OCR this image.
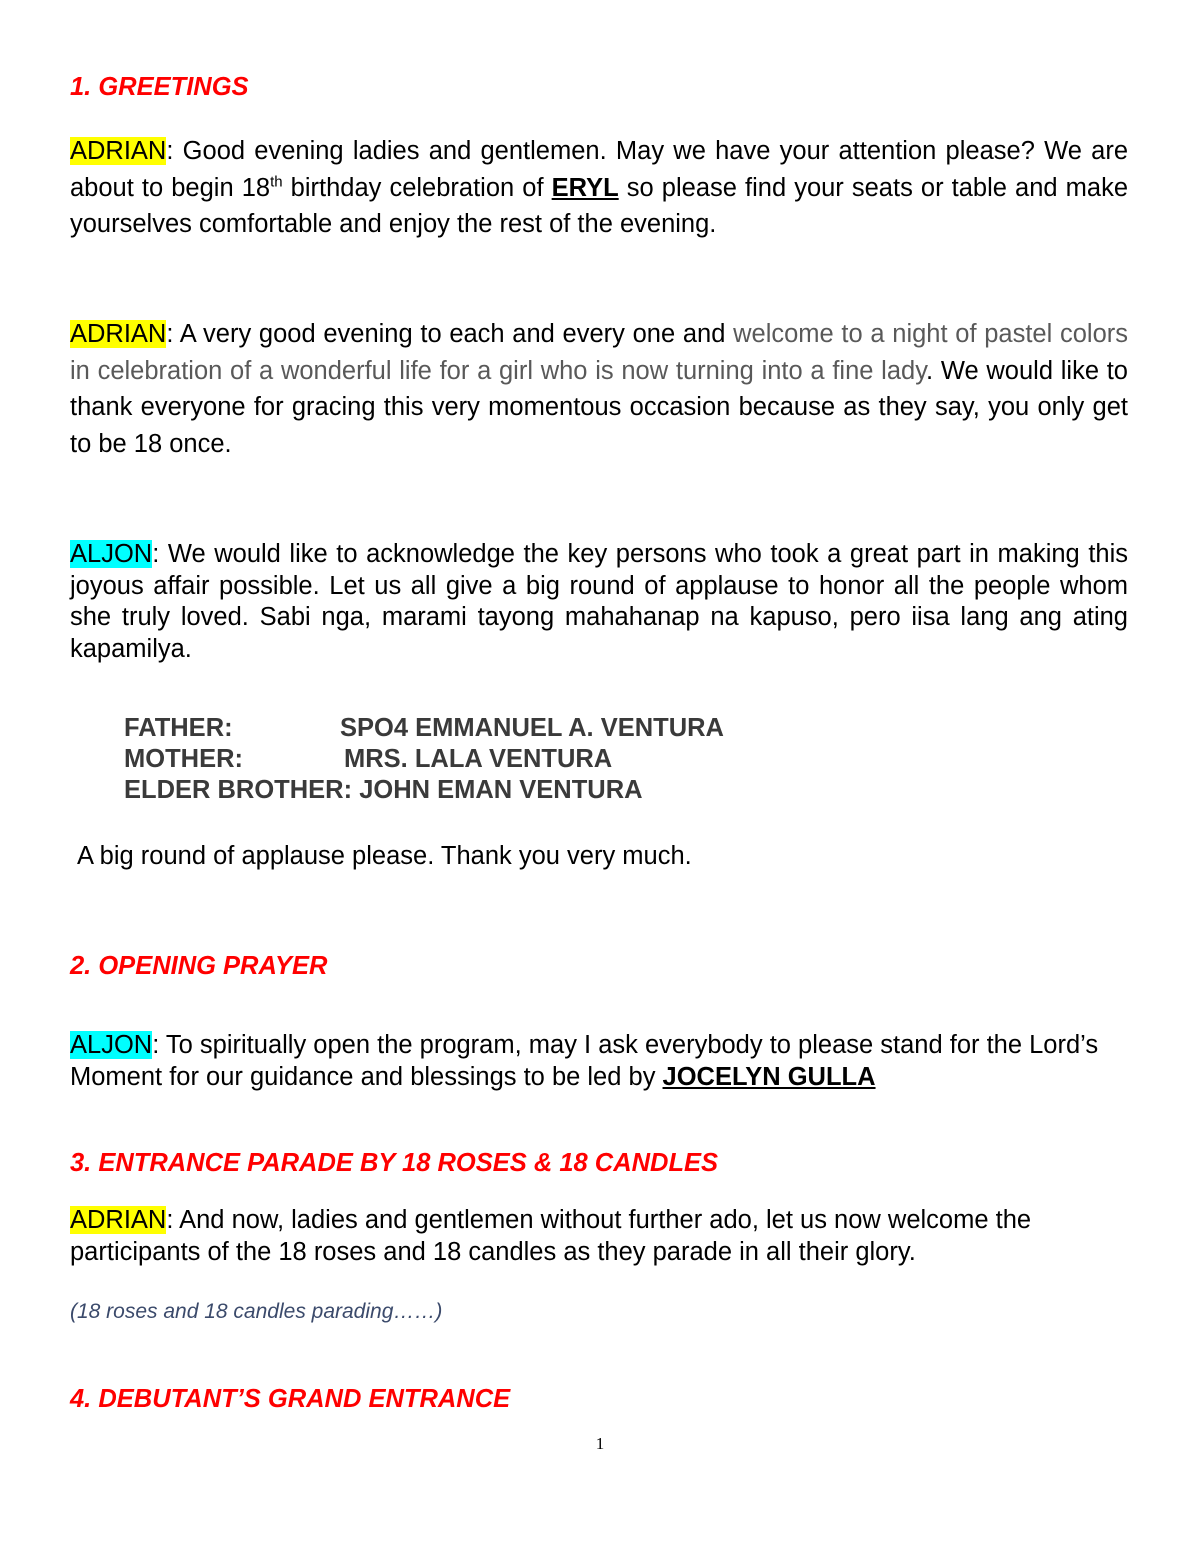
1. GREETINGS
ADRIAN: Good evening ladies and gentlemen. May we have your attention please? We are about to begin 18th birthday celebration of ERYL so please find your seats or table and make yourselves comfortable and enjoy the rest of the evening.
ADRIAN: A very good evening to each and every one and welcome to a night of pastel colors in celebration of a wonderful life for a girl who is now turning into a fine lady. We would like to thank everyone for gracing this very momentous occasion because as they say, you only get to be 18 once.
ALJON: We would like to acknowledge the key persons who took a great part in making this joyous affair possible. Let us all give a big round of applause to honor all the people whom she truly loved. Sabi nga, marami tayong mahahanap na kapuso, pero iisa lang ang ating kapamilya.
FATHER:	SPO4 EMMANUEL A. VENTURA
MOTHER:	MRS. LALA VENTURA
ELDER BROTHER: JOHN EMAN VENTURA
A big round of applause please. Thank you very much.
2. OPENING PRAYER
ALJON: To spiritually open the program, may I ask everybody to please stand for the Lord’s Moment for our guidance and blessings to be led by JOCELYN GULLA
3. ENTRANCE PARADE BY 18 ROSES & 18 CANDLES
ADRIAN: And now, ladies and gentlemen without further ado, let us now welcome the participants of the 18 roses and 18 candles as they parade in all their glory.
(18 roses and 18 candles parading……)
4. DEBUTANT’S GRAND ENTRANCE
1
